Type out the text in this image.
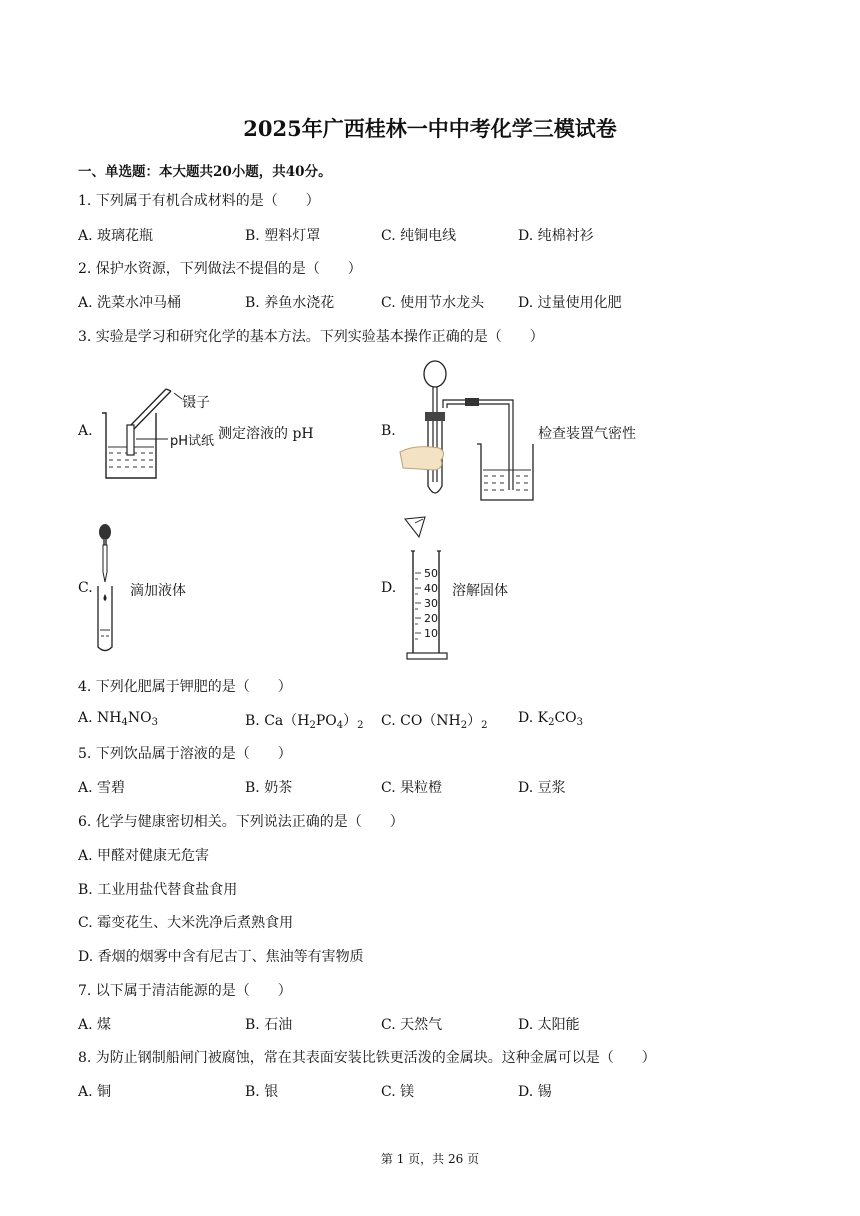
2025年广西桂林一中中考化学三模试卷
一、单选题：本大题共20小题，共40分。
1. 下列属于有机合成材料的是（　　）
A. 玻璃花瓶	B. 塑料灯罩	C. 纯铜电线	D. 纯棉衬衫
2. 保护水资源，下列做法不提倡的是（　　）
A. 洗菜水冲马桶	B. 养鱼水浇花	C. 使用节水龙头 D. 过量使用化肥
3. 实验是学习和研究化学的基本方法。下列实验基本操作正确的是（　　）
A.
镊子
pH试纸 测定溶液的 pH	B.	检查装置气密性
C.	滴加液体	D.
50
40
30
20
10
溶解固体
4. 下列化肥属于钾肥的是（　　）
A. $NH_4NO_3$	B. $Ca(H_2PO_4)_2$ C. $CO(NH_2)_2$ D. $K_2CO_3$
5. 下列饮品属于溶液的是（　　）
A. 雪碧	B. 奶茶	C. 果粒橙	D. 豆浆
6. 化学与健康密切相关。下列说法正确的是（　　）
A. 甲醛对健康无危害
B. 工业用盐代替食盐食用
C. 霉变花生、大米洗净后煮熟食用
D. 香烟的烟雾中含有尼古丁、焦油等有害物质
7. 以下属于清洁能源的是（　　）
A. 煤	B. 石油	C. 天然气	D. 太阳能
8. 为防止钢制船闸门被腐蚀，常在其表面安装比铁更活泼的金属块。这种金属可以是（　　）
A. 铜	B. 银	C. 镁	D. 锡
第 1 页，共 26 页
